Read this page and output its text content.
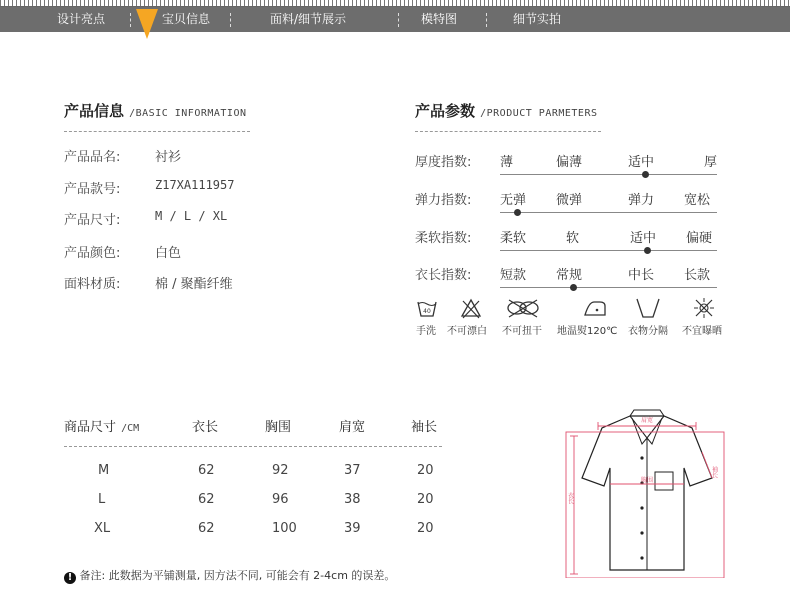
设计亮点	宝贝信息	面料/细节展示	模特图	细节实拍
产品信息 /BASIC INFORMATION
产品品名:	衬衫
产品款号:	Z17XA111957
产品尺寸:	M / L / XL
产品颜色:	白色
面料材质:	棉 / 聚酯纤维
产品参数 /PRODUCT PARMETERS
厚度指数: 薄	偏薄	适中	厚
弹力指数: 无弹 微弹	弹力 宽松
柔软指数: 柔软	软	适中 偏硬
衣长指数: 短款 常规	中长 长款
40
手洗 不可漂白 不可扭干 地温熨120℃ 衣物分隔 不宜曝晒
商品尺寸 /CM	衣长	胸围	肩宽	袖长
M	62	92	37	20
L	62	96	38	20
XL	62	100	39	20
肩宽
胸围
袖长
衣长
! 备注: 此数据为平铺测量, 因方法不同, 可能会有 2-4cm 的误差。
